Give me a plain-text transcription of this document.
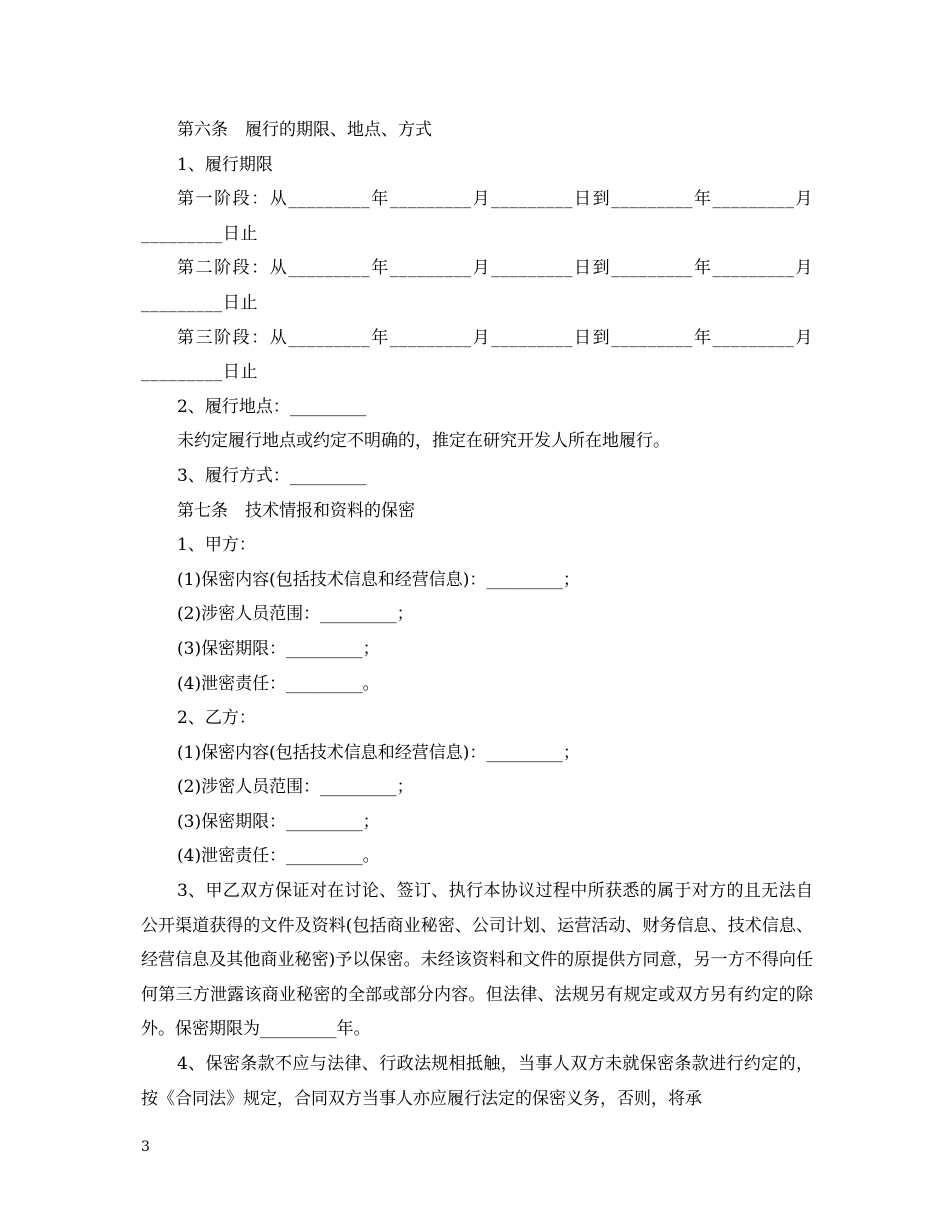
第六条　履行的期限、地点、方式

1、履行期限

第一阶段：从_________年_________月_________日到_________年_________月_________日止

第二阶段：从_________年_________月_________日到_________年_________月_________日止

第三阶段：从_________年_________月_________日到_________年_________月_________日止

2、履行地点：_________

未约定履行地点或约定不明确的，推定在研究开发人所在地履行。

3、履行方式：_________

第七条　技术情报和资料的保密

1、甲方：

(1)保密内容(包括技术信息和经营信息)：_________；

(2)涉密人员范围：_________；

(3)保密期限：_________；

(4)泄密责任：_________。

2、乙方：

(1)保密内容(包括技术信息和经营信息)：_________；

(2)涉密人员范围：_________；

(3)保密期限：_________；

(4)泄密责任：_________。

3、甲乙双方保证对在讨论、签订、执行本协议过程中所获悉的属于对方的且无法自公开渠道获得的文件及资料(包括商业秘密、公司计划、运营活动、财务信息、技术信息、经营信息及其他商业秘密)予以保密。未经该资料和文件的原提供方同意，另一方不得向任何第三方泄露该商业秘密的全部或部分内容。但法律、法规另有规定或双方另有约定的除外。保密期限为_________年。

4、保密条款不应与法律、行政法规相抵触，当事人双方未就保密条款进行约定的，按《合同法》规定，合同双方当事人亦应履行法定的保密义务，否则，将承

3
